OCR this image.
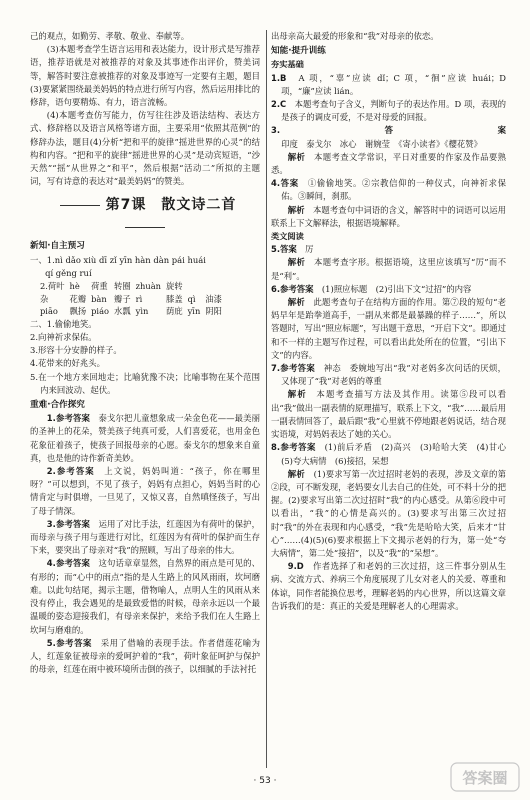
己的观点，如勤劳、孝敬、敬业、奉献等。

(3)本题考查学生语言运用和表达能力，设计形式是写推荐语，推荐语就是对被推荐的对象及其事迹作出评价，赞美词等，解答时要注意被推荐的对象及事迹写一定要有主题，题目(3)要紧紧围绕最美妈妈的特点进行所写内容，然后运用排比的修辞，语句要精炼、有力，语言流畅。

(4)本题考查仿写能力，仿写往往涉及语法结构、表达方式、修辞格以及语言风格等诸方面，主要采用“依照其范例”的修辞办法，题目(4)分析“把和平的旋律”摇进世界的心灵”的结构和内容。“把和平的旋律”摇进世界的心灵”是动宾短语，“沙天然”“摇”从世界之“和平”，然后根据“活动二”所拟的主题词，写有诗意的表达对“最美妈妈”的赞美。

第7课　散文诗二首

新知·自主预习

一、1.nì dǎo xiù dī zǐ yīn hàn dàn pái huái

qí gěng ruí

2.荷叶	hè	荷重	转圈	zhuàn	旋转		
杂	花瓣	bàn	瓣子	rì	膝盖	qì	油漆
piāo	飘扬	piáo	水瓢	yìn	荫庇	yīn	阴阳

二、1.偷偷地笑。

2.向神祈求保佑。

3.形容十分安静的样子。

4.花带来的好兆头。

5.在一个地方来回地走；比喻犹豫不决；比喻事物在某个范围内来回波动、起伏。

重难·合作探究

1.参考答案　 泰戈尔把儿童想象成一朵金色花——最美丽的圣神上的花朵，赞美孩子纯真可爱，人们喜爱花，也用金色花象征着孩子，使孩子回报母亲的心愿。泰戈尔的想象来自童真，也是他的诗作新奇美妙。

2.参考答案　 上文说，妈妈叫道：“孩子，你在哪里呀？”可以想到，不见了孩子，妈妈有点担心，妈妈当时的心情肯定与时俱增，一旦见了，又惊又喜，自然嗔怪孩子，写出了母子情深。

3.参考答案　 运用了对比手法，红莲因为有荷叶的保护，而母亲与孩子用与莲进行对比，红莲因为有荷叶的保护而生存下来，要突出了母亲对“我”的照顾，写出了母亲的伟大。

4.参考答案　 这句话章章显然，自然界的雨点是可见的、有形的；而“心中的雨点”指的是人生路上的风风雨雨，坎坷磨难。以此句结尾，揭示主题，借物喻人，点明人生的风雨从来没有停止，我会遇见的是最致爱惜的时候，母亲永远以一个最温暖的姿态迎接我们，有母亲来保护，来给予我们在人生路上坎坷与磨难的。

5.参考答案　 采用了借喻的表现手法。作者借莲花喻为人，红莲象征被母亲的爱呵护着的“我”，荷叶象征呵护与保护的母亲，红莲在雨中被环境所击倒的孩子，以细腻的手法衬托

出母亲高大最爱的形象和“我”对母亲的依恋。

知能·提升训练

夯实基础

1.B　 A 项，“辜”应读 dǐ；C 项，“徊”应读 huái；D 项，“廉”应读 lián。

2.C　 本题考查句子含义，判断句子的表达作用。D 项，表现的是孩子的调皮可爱，不是对母爱的回报。

3.答案　印度　泰戈尔　冰心　谢婉莹　《寄小读者》《樱花赞》

解析　 本题考查文学常识，平日对重要的作家及作品要熟悉。

4.答案　 ①偷偷地笑。②宗教信仰的一种仪式，向神祈求保佑。③瞬间，刹那。

解析　 本题考查句中词语的含义，解答时中的词语可以运用联系上下文解释法，根据语境解释。

类文阅读

5.答案　 厉

解析　 本题考查字形。根据语境，这里应该填写“厉”而不是“利”。

6.参考答案　 (1)照应标题　(2)引出下文“过招”的内容

解析　 此题考查句子在结构方面的作用。第⑦段的短句“老妈早年是跆拳道高手，一副从来都是最暴躁的样子……”，所以答题时，写出“照应标题”，写出题干意思，“开启下文”。即通过和不一样的主题写作过程，可以看出此处所在的位置，“引出下文”的内容。

7.参考答案　 神态　委婉地写出“我”对老妈多次问话的厌烦，又体现了“我”对老妈的尊重

解析　 本题考查描写方法及其作用。读第⑤段可以看出“我”做出一副表情的原理描写，联系上下文，“我”……最后用一副表情回答了，最后跟“我”心里就不停地跟老妈说话，结合现实语境，对妈妈表达了她的关心。

8.参考答案　 (1)前后矛盾　(2)高兴　(3)哈哈大笑　(4)甘心　(5)夸大病情　(6)接招，呆想

解析　 (1)要求写第一次过招时老妈的表现，涉及文章的第②段，可不断发现，老妈要女儿去自己的住处，可不料十分的把握。(2)要求写出第二次过招时“我”的内心感受。从第⑥段中可以看出，“我”的心情是高兴的。(3)要求写出第三次过招时“我”的外在表现和内心感受，“我”先是哈哈大笑，后来才“甘心”……(4)(5)(6)要求根据上下文揭示老妈的行为，第一处“夸大病情”，第二处“接招”，以及“我”的“呆想”。

9.D　 作者选择了和老妈的三次过招，这三件事分别从生病、交流方式、养病三个角度展现了儿女对老人的关爱、尊重和体谅，同作者能换位思考，理解老妈的内心世界，所以这篇文章告诉我们的是：真正的关爱是理解老人的心理需求。

· 53 ·	答案圈
